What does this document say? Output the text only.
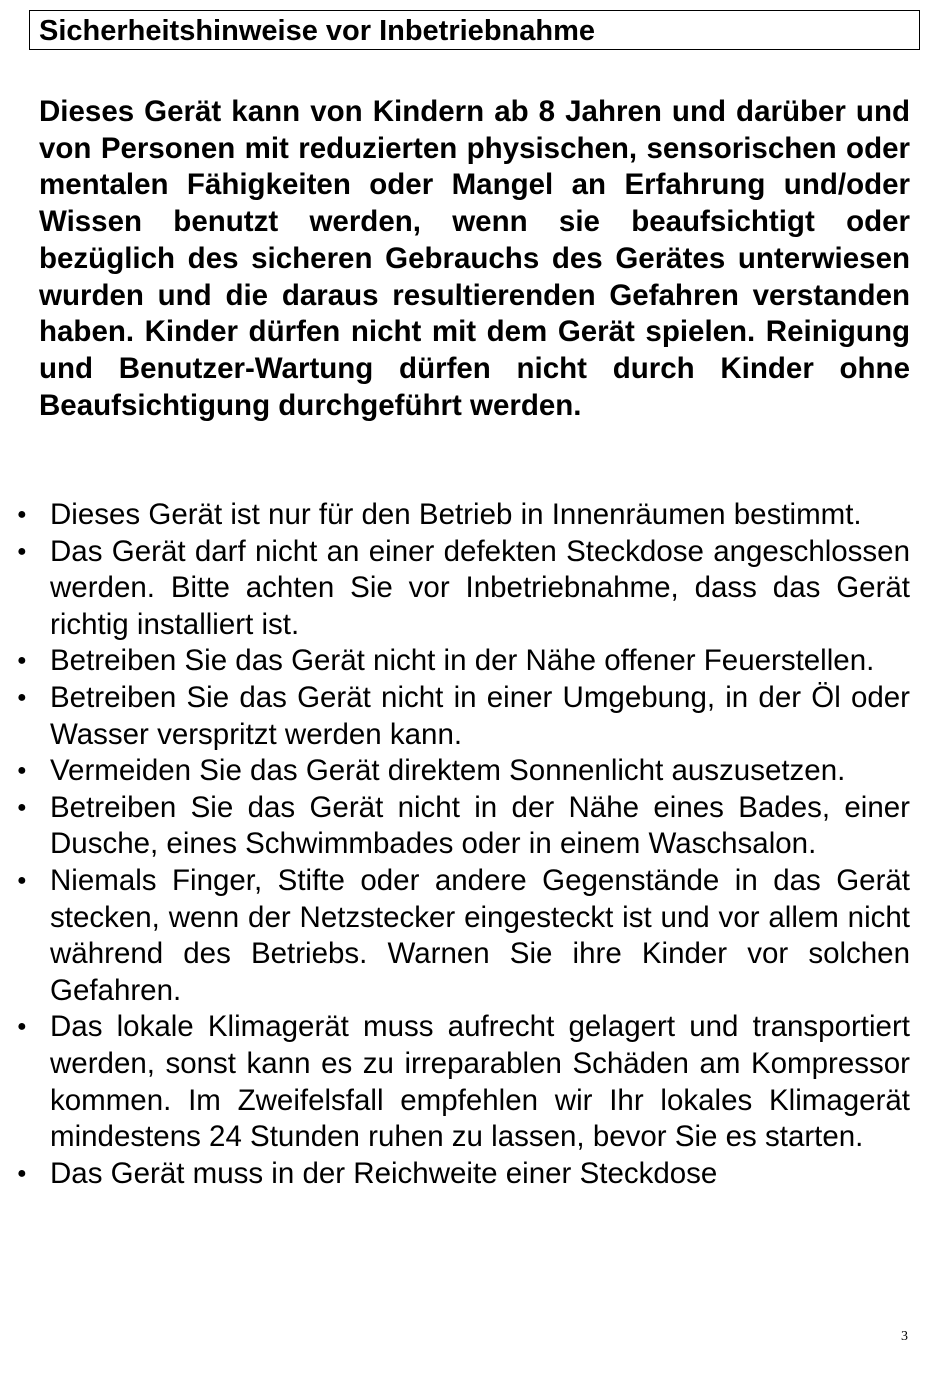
Sicherheitshinweise vor Inbetriebnahme

Dieses Gerät kann von Kindern ab 8 Jahren und darüber und von Personen mit reduzierten physischen, sensorischen oder mentalen Fähigkeiten oder Mangel an Erfahrung und/oder Wissen benutzt werden, wenn sie beaufsichtigt oder bezüglich des sicheren Gebrauchs des Gerätes unterwiesen wurden und die daraus resultierenden Gefahren verstanden haben. Kinder dürfen nicht mit dem Gerät spielen. Reinigung und Benutzer-Wartung dürfen nicht durch Kinder ohne Beaufsichtigung durchgeführt werden.

● Dieses Gerät ist nur für den Betrieb in Innenräumen bestimmt.
● Das Gerät darf nicht an einer defekten Steckdose angeschlossen werden. Bitte achten Sie vor Inbetriebnahme, dass das Gerät richtig installiert ist.
● Betreiben Sie das Gerät nicht in der Nähe offener Feuerstellen.
● Betreiben Sie das Gerät nicht in einer Umgebung, in der Öl oder Wasser verspritzt werden kann.
● Vermeiden Sie das Gerät direktem Sonnenlicht auszusetzen.
● Betreiben Sie das Gerät nicht in der Nähe eines Bades, einer Dusche, eines Schwimmbades oder in einem Waschsalon.
● Niemals Finger, Stifte oder andere Gegenstände in das Gerät stecken, wenn der Netzstecker eingesteckt ist und vor allem nicht während des Betriebs. Warnen Sie ihre Kinder vor solchen Gefahren.
● Das lokale Klimagerät muss aufrecht gelagert und transportiert werden, sonst kann es zu irreparablen Schäden am Kompressor kommen. Im Zweifelsfall empfehlen wir Ihr lokales Klimagerät mindestens 24 Stunden ruhen zu lassen, bevor Sie es starten.
● Das Gerät muss in der Reichweite einer Steckdose
3
